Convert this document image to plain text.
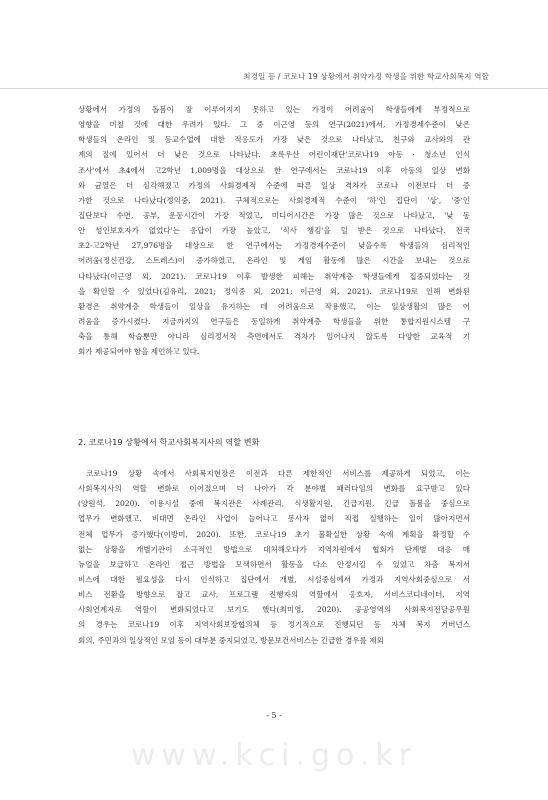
최경일 등 / 코로나 19 상황에서 취약가정 학생을 위한 학교사회복지 역할
상황에서 가정의 돌봄이 잘 이루어지지 못하고 있는 가정이 어려움이 학생들에게 부정적으로
영향을 미칠 것에 대한 우려가 있다. 그 중 이근영 등의 연구(2021)에서, 가정경제수준이 낮은
학생들의 온라인 및 등교수업에 대한 적응도가 가장 낮은 것으로 나타났고, 친구와 교사와의 관
계의 질에 있어서 더 낮은 것으로 나타났다. 초록우산 어린이재단'코로나19 아동 · 청소년 인식
조사'에서 초4에서 고2학년 1,009명을 대상으로 한 연구에서는 코로나19 이후 아동의 일상 변화
와 균열은 더 심각해졌고 가정의 사회경제적 수준에 따른 일상 격차가 코로나 이전보다 더 증
가한 것으로 나타났다(정익중, 2021). 구체적으로는 사회경제적 수준이 '하'인 집단이 '상', '중'인
집단보다 수면, 공부, 운동시간이 가장 적었고, 미디어시간은 가장 많은 것으로 나타났고, '낮 동
안 성인보호자가 없었다'는 응답이 가장 높았고, '식사 챙김'을 덜 받은 것으로 나타났다. 전국
초2-고2학년 27,976명을 대상으로 한 연구에서는 가정경제수준이 낮을수록 학생들의 심리적인
어려움(정신건강, 스트레스)이 증가하였고, 온라인 및 게임 활동에 많은 시간을 보내는 것으로
나타났다(이근영 외, 2021). 코로나19 이후 발생한 피해는 취약계층 학생들에게 집중되었다는 것
을 확인할 수 있었다(김유리, 2021; 정익중 외, 2021; 이근영 외, 2021). 코로나19로 인해 변화된
환경은 취약계층 학생들이 일상을 유지하는 데 어려움으로 작용했고, 이는 일상생활의 많은 어
려움을 증가시켰다. 지금까지의 연구들은 동일하게 취약계층 학생들을 위한 통합지원시스템 구
축을 통해 학습뿐만 아니라 심리정서적 측면에서도 격차가 일어나지 않도록 다양한 교육적 기
회가 제공되어야 함을 제언하고 있다.
2. 코로나19 상황에서 학교사회복지사의 역할 변화
코로나19 상황 속에서 사회복지현장은 이전과 다른 제한적인 서비스를 제공하게 되었고, 이는
사회복지사의 역할 변화로 이어졌으며 더 나아가 각 분야별 패러다임의 변화를 요구받고 있다
(양원석, 2020). 이용시설 중에 복지관은 사례관리, 식생활지원, 긴급지원, 긴급 돌봄을 중심으로
업무가 변화했고, 비대면 온라인 사업이 늘어나고 봉사자 없이 직접 실행하는 일이 많아지면서
전체 업무가 증가했다(이방미, 2020). 또한, 코로나19 초기 불확실한 상황 속에 계획을 확정할 수
없는 상황을 개별기관이 소극적인 방법으로 대처해오다가 지역차원에서 협회가 단계별 대응 매
뉴얼을 보급하고 온라인 접근 방법을 모색하면서 활동을 다소 안정시킬 수 있었고 차츰 복지서
비스에 대한 필요성을 다시 인식하고 집단에서 개별, 시설중심에서 가정과 지역사회중심으로 서
비스 전환을 방향으로 잡고 교사, 프로그램 진행자의 역할에서 옹호자, 서비스코디네이터, 지역
사회연계자로 역할이 변화되었다고 보기도 했다(최미영, 2020). 공공영역의 사회복지전담공무원
의 경우는 코로나19 이후 지역사회보장협의체 등 정기적으로 진행되던 등 자체 복지 거버넌스
회의, 주민과의 일상적인 모임 등이 대부분 중지되었고, 방문보건서비스는 긴급한 경우를 제외
- 5 -
www.kci.go.kr
